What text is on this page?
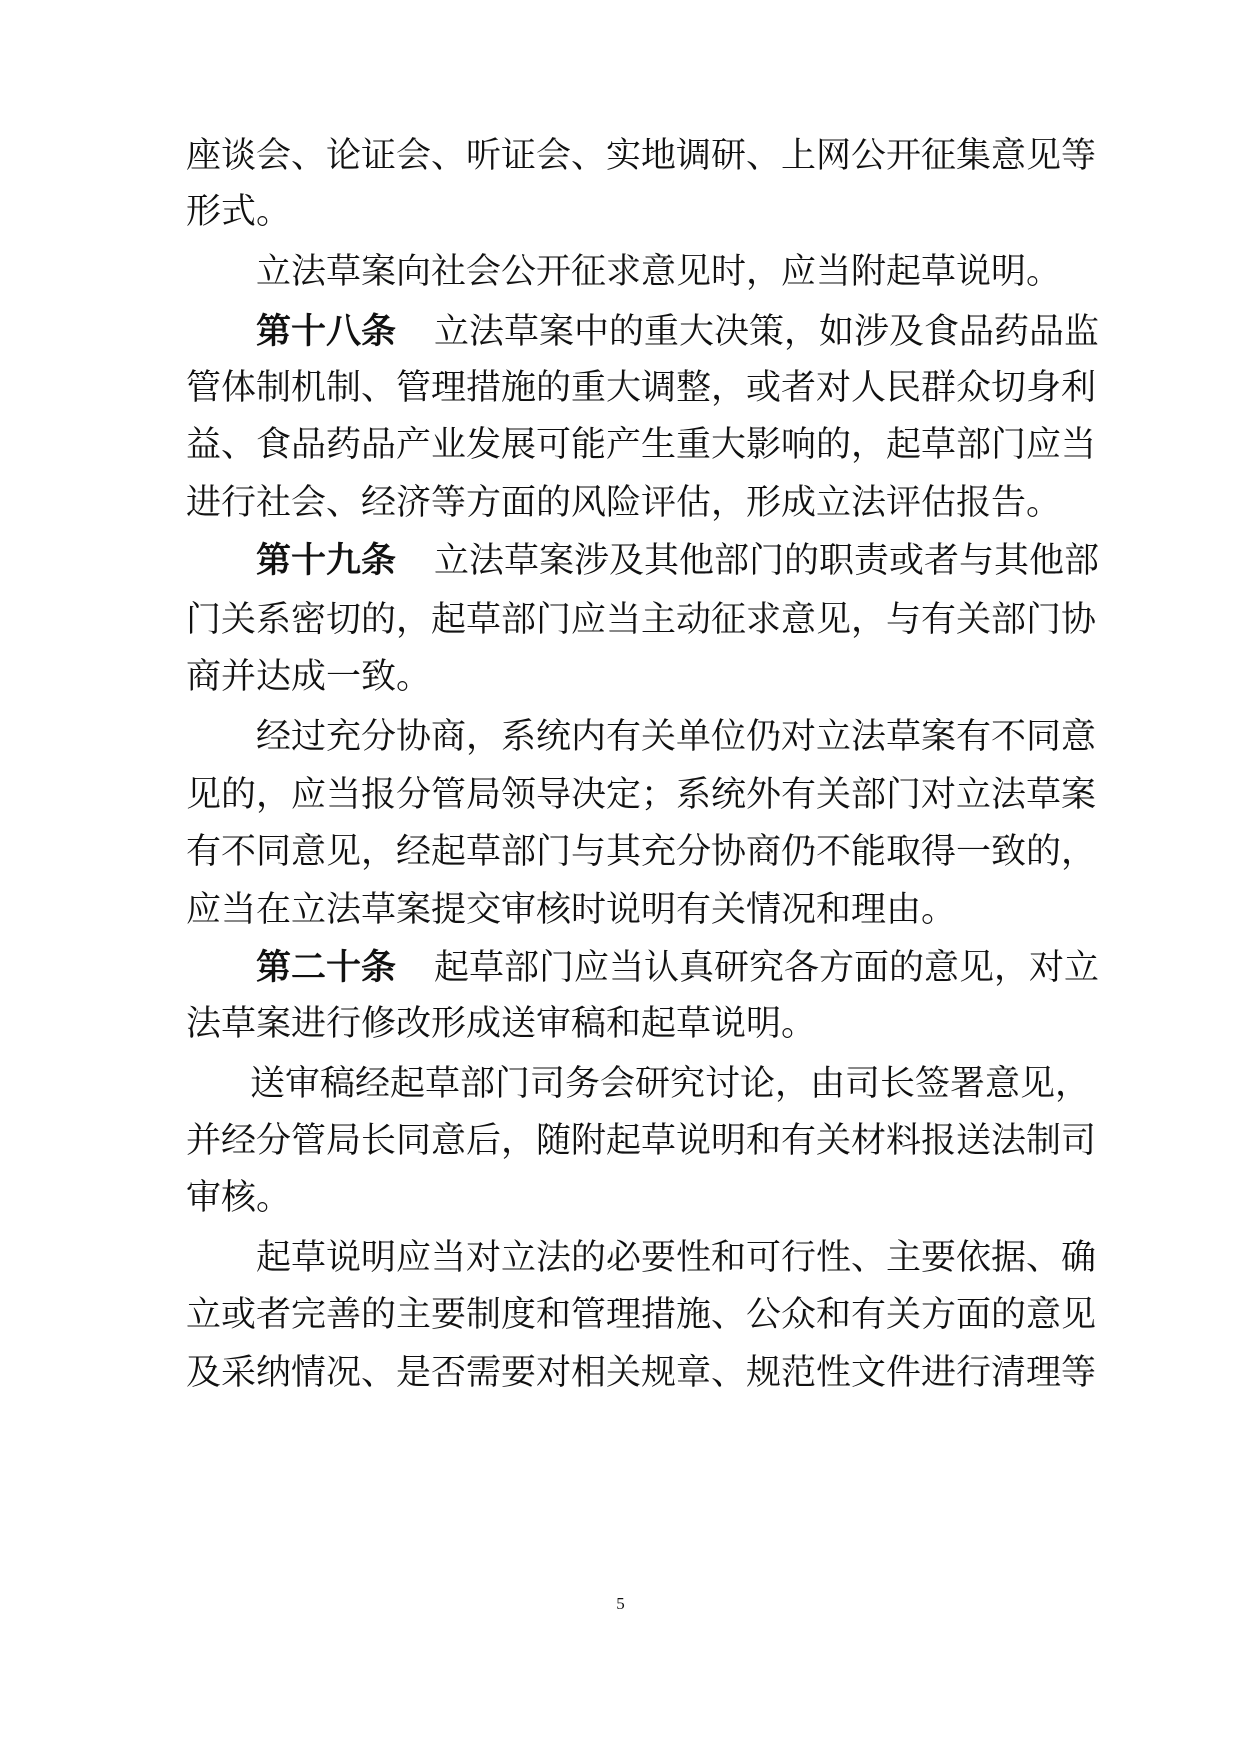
座谈会、论证会、听证会、实地调研、上网公开征集意见等
形式。
立法草案向社会公开征求意见时，应当附起草说明。
第十八条 立法草案中的重大决策，如涉及食品药品监
管体制机制、管理措施的重大调整，或者对人民群众切身利
益、食品药品产业发展可能产生重大影响的，起草部门应当
进行社会、经济等方面的风险评估，形成立法评估报告。
第十九条 立法草案涉及其他部门的职责或者与其他部
门关系密切的，起草部门应当主动征求意见，与有关部门协
商并达成一致。
经过充分协商，系统内有关单位仍对立法草案有不同意
见的，应当报分管局领导决定；系统外有关部门对立法草案
有不同意见，经起草部门与其充分协商仍不能取得一致的，
应当在立法草案提交审核时说明有关情况和理由。
第二十条 起草部门应当认真研究各方面的意见，对立
法草案进行修改形成送审稿和起草说明。
送审稿经起草部门司务会研究讨论，由司长签署意见，
并经分管局长同意后，随附起草说明和有关材料报送法制司
审核。
起草说明应当对立法的必要性和可行性、主要依据、确
立或者完善的主要制度和管理措施、公众和有关方面的意见
及采纳情况、是否需要对相关规章、规范性文件进行清理等
5
